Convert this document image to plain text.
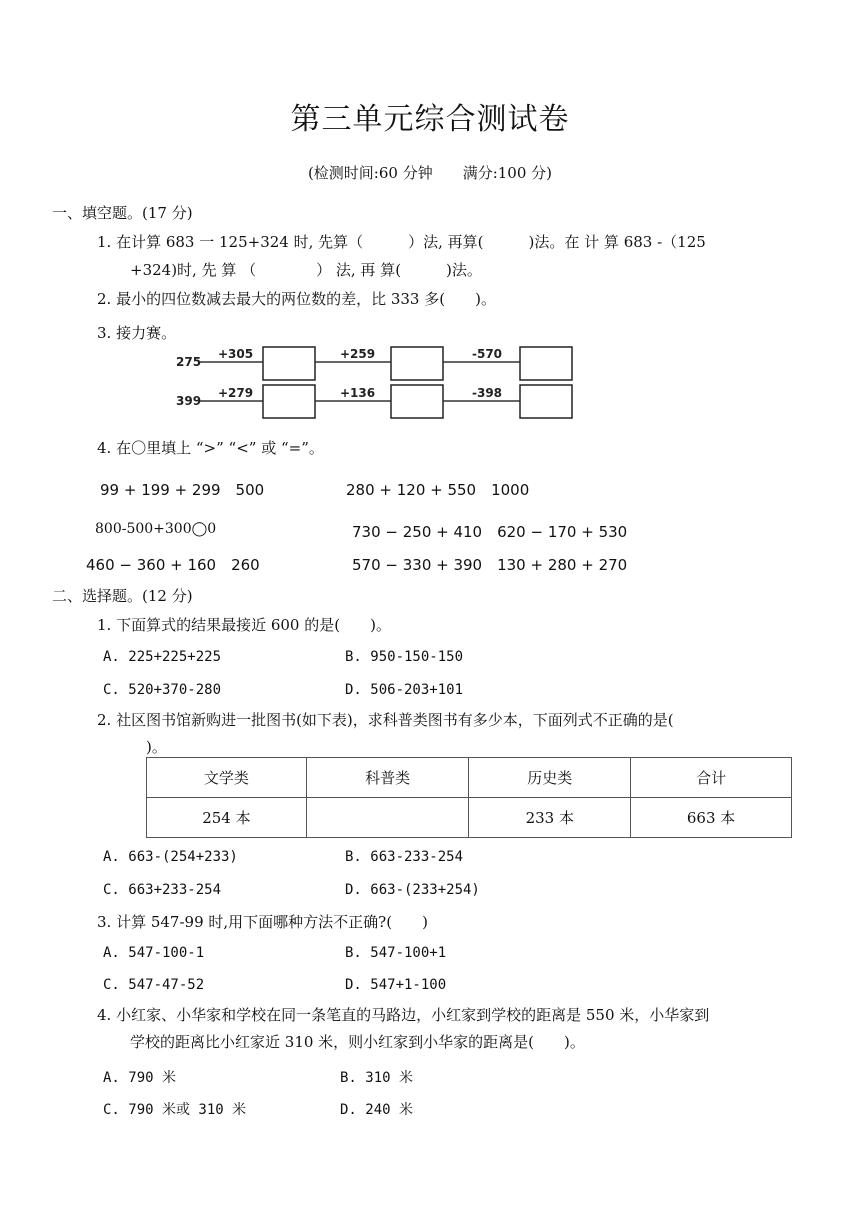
第三单元综合测试卷
(检测时间:60 分钟　　满分:100 分)
一、填空题。(17 分)
1. 在计算 683 一 125+324 时, 先算（　　　）法, 再算(　　　)法。在 计 算 683 -（125
+324)时, 先 算 （　　　　） 法, 再 算(　　　)法。
2. 最小的四位数减去最大的两位数的差，比 333 多(　　)。
3. 接力赛。
275
+305	+259	-570
399
+279	+136	-398
4. 在〇里填上 “>” “<” 或 “=”。
99 + 199 + 299　500	280 + 120 + 550　1000
800-500+300◯0	730 − 250 + 410　620 − 170 + 530
460 − 360 + 160　260	570 − 330 + 390　130 + 280 + 270
二、选择题。(12 分)
1. 下面算式的结果最接近 600 的是(　　)。
A. 225+225+225	B. 950-150-150
C. 520+370-280	D. 506-203+101
2. 社区图书馆新购进一批图书(如下表)，求科普类图书有多少本，下面列式不正确的是(
)。
文学类	科普类	历史类	合计
254 本		233 本	663 本
A. 663-(254+233)	B. 663-233-254
C. 663+233-254	D. 663-(233+254)
3. 计算 547-99 时,用下面哪种方法不正确?(　　)
A. 547-100-1	B. 547-100+1
C. 547-47-52	D. 547+1-100
4. 小红家、小华家和学校在同一条笔直的马路边，小红家到学校的距离是 550 米，小华家到
学校的距离比小红家近 310 米，则小红家到小华家的距离是(　　)。
A. 790 米	B. 310 米
C. 790 米或 310 米	D. 240 米
